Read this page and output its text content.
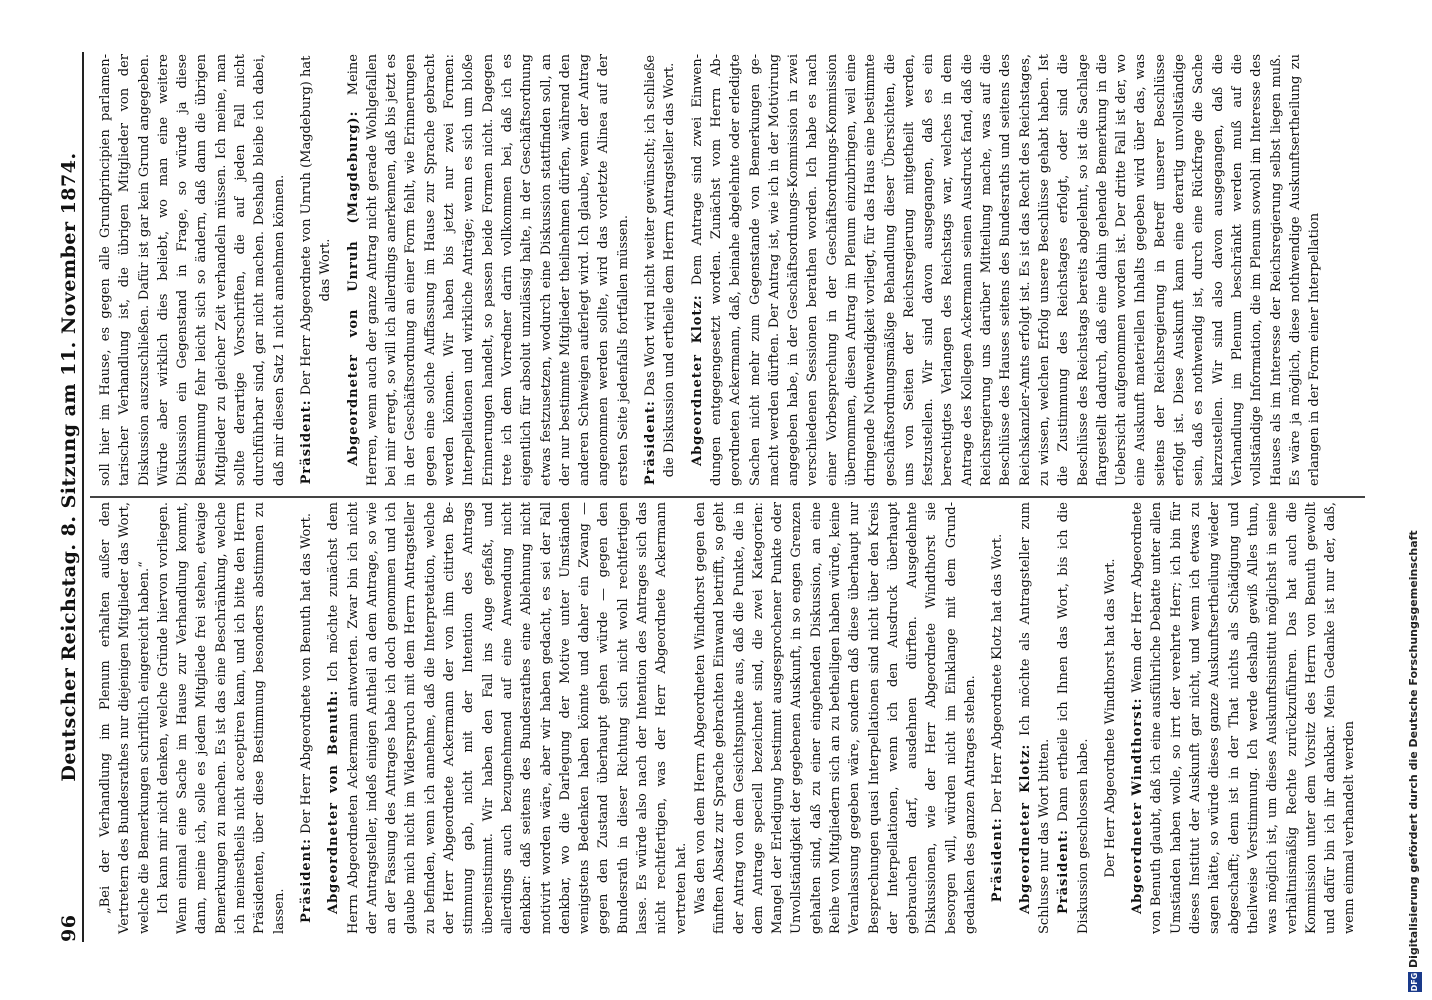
96
Deutscher Reichstag. 8. Sitzung am 11. November 1874. „Bei der Verhandlung im Plenum erhalten außer den Vertretern des Bundesrathes nur diejenigen Mitglieder das Wort, welche die Bemerkungen schriftlich eingereicht haben.“ Ich kann mir nicht denken, welche Gründe hiervon vorliegen. Wenn einmal eine Sache im Hause zur Verhandlung kommt, dann, meine ich, solle es jedem Mitgliede frei stehen, etwaige Bemerkungen zu machen. Es ist das eine Beschränkung, welche ich meinestheils nicht acceptiren kann, und ich bitte den Herrn Präsidenten, über diese Bestimmung besonders abstimmen zu lassen. Präsident: Der Herr Abgeordnete von Benuth hat das Wort. Abgeordneter von Benuth: Ich möchte zunächst dem Herrn Abgeordneten Ackermann antworten. Zwar bin ich nicht der Antragsteller, indeß einigen Antheil an dem Antrage, so wie an der Fassung des Antrages habe ich doch genommen und ich glaube mich nicht im Widerspruch mit dem Herrn Antragsteller zu befinden, wenn ich annehme, daß die Interpretation, welche der Herr Abgeordnete Ackermann der von ihm citirten Bestimmung gab, nicht mit der Intention des Antrags übereinstimmt. Wir haben den Fall ins Auge gefaßt, und allerdings auch bezugnehmend auf eine Anwendung nicht denkbar: daß seitens des Bundesrathes eine Ablehnung nicht motivirt worden wäre, aber wir haben gedacht, es sei der Fall denkbar, wo die Darlegung der Motive unter Umständen wenigstens Bedenken haben könnte und daher ein Zwang — gegen den Zustand überhaupt gehen würde — gegen den Bundesrath in dieser Richtung sich nicht wohl rechtfertigen lasse. Es würde also nach der Intention des Antrages sich das nicht rechtfertigen, was der Herr Abgeordnete Ackermann vertreten hat. Was den von dem Herrn Abgeordneten Windthorst gegen den fünften Absatz zur Sprache gebrachten Einwand betrifft, so geht der Antrag von dem Gesichtspunkte aus, daß die Punkte, die in dem Antrage speciell bezeichnet sind, die zwei Kategorien: Mangel der Erledigung bestimmt ausgesprochener Punkte oder Unvollständigkeit der gegebenen Auskunft, in so engen Grenzen gehalten sind, daß zu einer eingehenden Diskussion, an eine Reihe von Mitgliedern sich an zu betheiligen haben würde, keine Veranlassung gegeben wäre, sondern daß diese überhaupt nur Besprechungen quasi Interpellationen sind nicht über den Kreis der Interpellationen, wenn ich den Ausdruck überhaupt gebrauchen darf, ausdehnen dürften. Ausgedehnte Diskussionen, wie der Herr Abgeordnete Windthorst sie besorgen will, würden nicht im Einklange mit dem Grundgedanken des ganzen Antrages stehen. Präsident: Der Herr Abgeordnete Klotz hat das Wort.

Abgeordneter Klotz: Ich möchte als Antragsteller zum Schlusse nur das Wort bitten. Präsident: Dann ertheile ich Ihnen das Wort, bis ich die Diskussion geschlossen habe. Der Herr Abgeordnete Windthorst hat das Wort. Abgeordneter Windthorst: Wenn der Herr Abgeordnete von Benuth glaubt, daß ich eine ausführliche Debatte unter allen Umständen haben wolle, so irrt der verehrte Herr; ich bin für dieses Institut der Auskunft gar nicht, und wenn ich etwas zu sagen hätte, so würde dieses ganze Auskunftsertheilung wieder abgeschafft; denn ist in der That nichts als Schädigung und theilweise Verstimmung. Ich werde deshalb gewiß Alles thun, was möglich ist, um dieses Auskunftsinstitut möglichst in seine verhältnismäßig Rechte zurückzuführen. Das hat auch die Kommission unter dem Vorsitz des Herrn von Benuth gewollt und dafür bin ich ihr dankbar. Mein Gedanke ist nur der, daß, wenn einmal verhandelt werden

soll hier im Hause, es gegen alle Grundprincipien parlamentarischer Verhandlung ist, die übrigen Mitglieder von der Diskussion auszuschließen. Dafür ist gar kein Grund angegeben. Würde aber wirklich dies beliebt, wo man eine weitere Diskussion ein Gegenstand in Frage, so würde ja diese Bestimmung fehr leicht sich so ändern, daß dann die übrigen Mitglieder zu gleicher Zeit verhandeln müssen. Ich meine, man sollte derartige Vorschriften, die auf jeden Fall nicht durchführbar sind, gar nicht machen. Deshalb bleibe ich dabei, daß mir diesen Satz 1 nicht annehmen können. Präsident: Der Herr Abgeordnete von Unruh (Magdeburg) hat das Wort. Abgeordneter von Unruh (Magdeburg): Meine Herren, wenn auch der ganze Antrag nicht gerade Wohlgefallen bei mir erregt, so will ich allerdings anerkennen, daß bis jetzt es in der Geschäftsordnung an einer Form fehlt, wie Erinnerungen gegen eine solche Auffassung im Hause zur Sprache gebracht werden können. Wir haben bis jetzt nur zwei Formen: Interpellationen und wirkliche Anträge; wenn es sich um bloße Erinnerungen handelt, so passen beide Formen nicht. Dagegen trete ich dem Vorredner darin vollkommen bei, daß ich es eigentlich für absolut unzulässig halte, in der Geschäftsordnung etwas festzusetzen, wodurch eine Diskussion stattfinden soll, an der nur bestimmte Mitglieder theilnehmen dürfen, während den anderen Schweigen auferlegt wird. Ich glaube, wenn der Antrag angenommen werden sollte, wird das vorletzte Alinea auf der ersten Seite jedenfalls fortfallen müssen. Präsident: Das Wort wird nicht weiter gewünscht; ich schließe die Diskussion und ertheile dem Herrn Antragsteller das Wort. Abgeordneter Klotz: Dem Antrage sind zwei Einwendungen entgegengesetzt worden. Zunächst vom Herrn Abgeordneten Ackermann, daß, beinahe abgelehnte oder erledigte Sachen nicht mehr zum Gegenstande von Bemerkungen gemacht werden dürften. Der Antrag ist, wie ich in der Motivirung angegeben habe, in der Geschäftsordnungs-Kommission in zwei verschiedenen Sessionen berathen worden. Ich habe es nach einer Vorbesprechung in der Geschäftsordnungs-Kommission übernommen, diesen Antrag im Plenum einzubringen, weil eine dringende Nothwendigkeit vorliegt, für das Haus eine bestimmte geschäftsordnungsmäßige Behandlung dieser Übersichten, die uns von Seiten der Reichsregierung mitgetheilt werden, festzustellen. Wir sind davon ausgegangen, daß es ein berechtigtes Verlangen des Reichstags war, welches in dem Antrage des Kollegen Ackermann seinen Ausdruck fand, daß die Reichsregierung uns darüber Mitteilung mache, was auf die Beschlüsse des Hauses seitens des Bundesraths und seitens des Reichskanzler-Amts erfolgt ist. Es ist das Recht des Reichstages, zu wissen, welchen Erfolg unsere Beschlüsse gehabt haben. Ist die Zustimmung des Reichstages erfolgt, oder sind die Beschlüsse des Reichstags bereits abgelehnt, so ist die Sachlage flargestellt dadurch, daß eine dahin gehende Bemerkung in die Uebersicht aufgenommen worden ist. Der dritte Fall ist der, wo eine Auskunft materiellen Inhalts gegeben wird über das, was seitens der Reichsregierung in Betreff unserer Beschlüsse erfolgt ist. Diese Auskunft kann eine derartig unvollständige sein, daß es nothwendig ist, durch eine Rückfrage die Sache klarzustellen. Wir sind also davon ausgegangen, daß die Verhandlung im Plenum beschränkt werden muß auf die vollständige Information, die im Plenum sowohl im Interesse des Hauses als im Interesse der Reichsregierung selbst liegen muß. Es wäre ja möglich, diese nothwendige Auskunftsertheilung zu erlangen in der Form einer Interpellation

DFG
Digitalisierung gefördert durch die Deutsche Forschungsgemeinschaft
